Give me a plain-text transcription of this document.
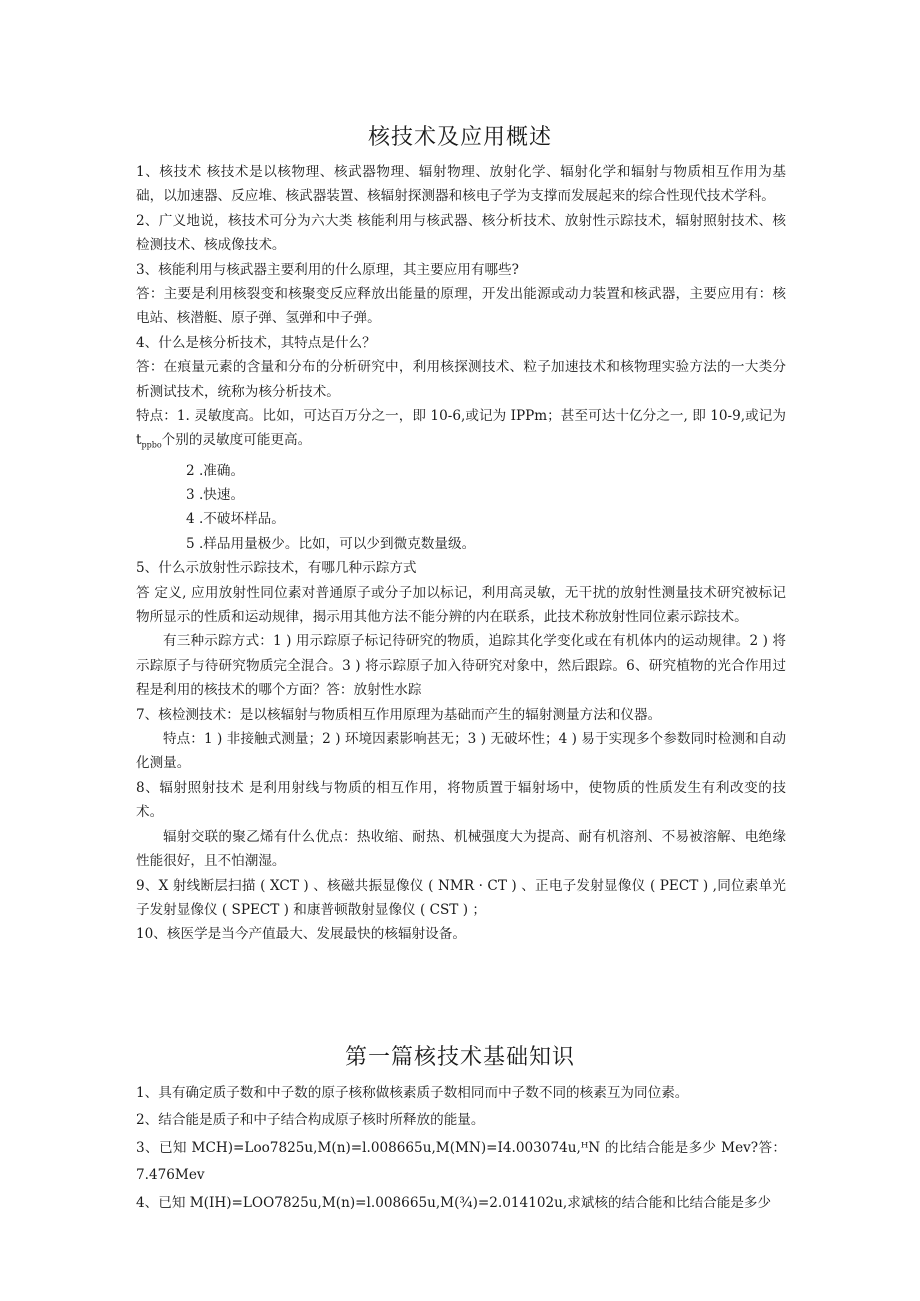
核技术及应用概述

1、核技术 核技术是以核物理、核武器物理、辐射物理、放射化学、辐射化学和辐射与物质相互作用为基础，以加速器、反应堆、核武器装置、核辐射探测器和核电子学为支撑而发展起来的综合性现代技术学科。

2、广义地说，核技术可分为六大类 核能利用与核武器、核分析技术、放射性示踪技术，辐射照射技术、核检测技术、核成像技术。

3、核能利用与核武器主要利用的什么原理，其主要应用有哪些?

答：主要是利用核裂变和核聚变反应释放出能量的原理，开发出能源或动力装置和核武器，主要应用有：核电站、核潜艇、原子弹、氢弹和中子弹。

4、什么是核分析技术，其特点是什么？

答：在痕量元素的含量和分布的分析研究中，利用核探测技术、粒子加速技术和核物理实验方法的一大类分析测试技术，统称为核分析技术。

特点：1. 灵敏度高。比如，可达百万分之一，即 10-6,或记为 IPPm；甚至可达十亿分之一, 即 10-9,或记为 $t_{ppbo}$个别的灵敏度可能更高。

2 .准确。

3 .快速。

4 .不破坏样品。

5 .样品用量极少。比如，可以少到微克数量级。

5、什么示放射性示踪技术，有哪几种示踪方式

答 定义, 应用放射性同位素对普通原子或分子加以标记，利用高灵敏，无干扰的放射性测量技术研究被标记物所显示的性质和运动规律，揭示用其他方法不能分辨的内在联系，此技术称放射性同位素示踪技术。

有三种示踪方式：1 ) 用示踪原子标记待研究的物质，追踪其化学变化或在有机体内的运动规律。2 ) 将示踪原子与待研究物质完全混合。3 ) 将示踪原子加入待研究对象中，然后跟踪。6、研究植物的光合作用过程是利用的核技术的哪个方面？答：放射性水踪

7、核检测技术：是以核辐射与物质相互作用原理为基础而产生的辐射测量方法和仪器。

特点：1 ) 非接触式测量；2 ) 环境因素影响甚无；3 ) 无破坏性；4 ) 易于实现多个参数同时检测和自动化测量。

8、辐射照射技术 是利用射线与物质的相互作用，将物质置于辐射场中，使物质的性质发生有利改变的技术。

辐射交联的聚乙烯有什么优点：热收缩、耐热、机械强度大为提高、耐有机溶剂、不易被溶解、电绝缘性能很好，且不怕潮湿。

9、X 射线断层扫描 ( XCT ) 、核磁共振显像仪 ( NMR · CT ) 、正电子发射显像仪 ( PECT ) ,同位素单光子发射显像仪 ( SPECT ) 和康普顿散射显像仪 ( CST ) ；

10、核医学是当今产值最大、发展最快的核辐射设备。

第一篇核技术基础知识

1、具有确定质子数和中子数的原子核称做核素质子数相同而中子数不同的核素互为同位素。

2、结合能是质子和中子结合构成原子核时所释放的能量。

3、已知 MCH)=Loo7825u,M(n)=l.008665u,M(MN)=I4.003074u,ᴴN 的比结合能是多少 Mev?答：7.476Mev

4、已知 M(IH)=LOO7825u,M(n)=l.008665u,M(¾)=2.014102u,求斌核的结合能和比结合能是多少
